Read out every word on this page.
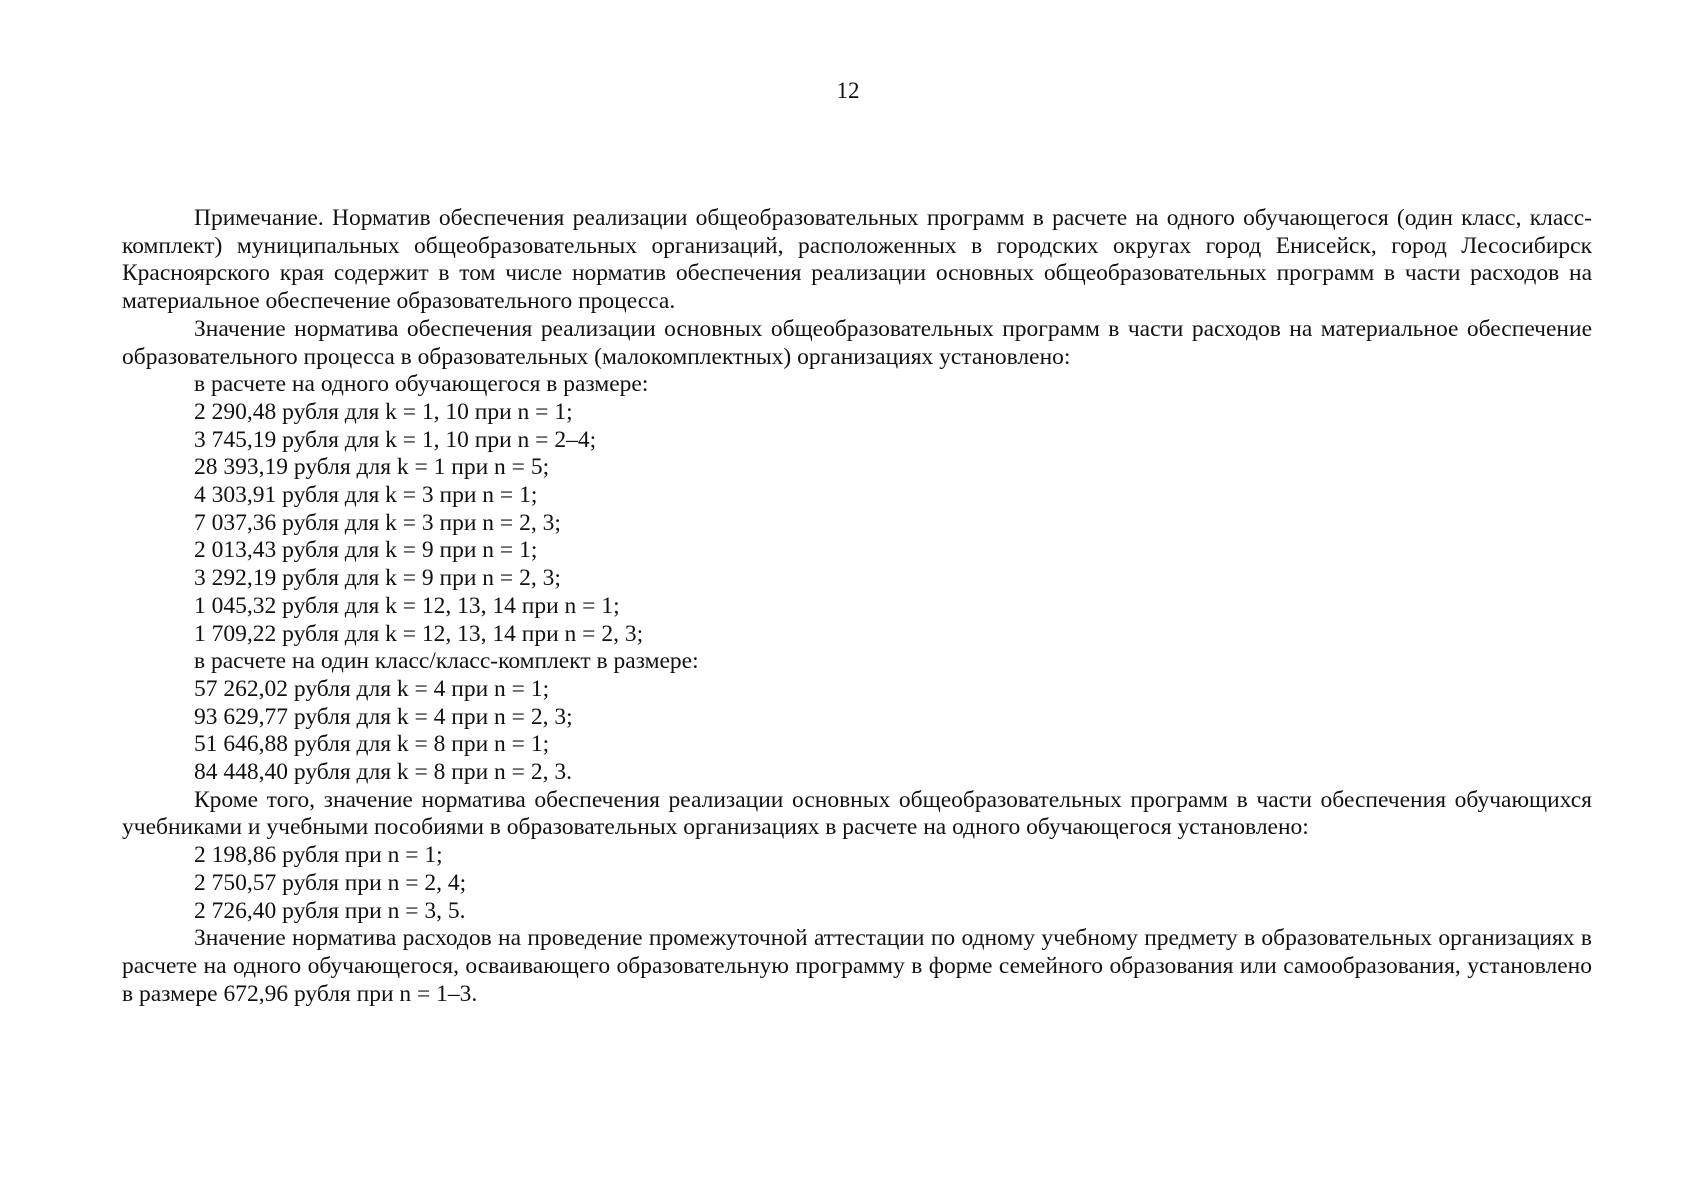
12

Примечание. Норматив обеспечения реализации общеобразовательных программ в расчете на одного обучающегося (один класс, класс-комплект) муниципальных общеобразовательных организаций, расположенных в городских округах город Енисейск, город Лесосибирск Красноярского края содержит в том числе норматив обеспечения реализации основных общеобразовательных программ в части расходов на материальное обеспечение образовательного процесса.

Значение норматива обеспечения реализации основных общеобразовательных программ в части расходов на материальное обеспечение образовательного процесса в образовательных (малокомплектных) организациях установлено:

в расчете на одного обучающегося в размере:

2 290,48 рубля для k = 1, 10 при n = 1;

3 745,19 рубля для k = 1, 10 при n = 2–4;

28 393,19 рубля для k = 1 при n = 5;

4 303,91 рубля для k = 3 при n = 1;

7 037,36 рубля для k = 3 при n = 2, 3;

2 013,43 рубля для k = 9 при n = 1;

3 292,19 рубля для k = 9 при n = 2, 3;

1 045,32 рубля для k = 12, 13, 14 при n = 1;

1 709,22 рубля для k = 12, 13, 14 при n = 2, 3;

в расчете на один класс/класс-комплект в размере:

57 262,02 рубля для k = 4 при n = 1;

93 629,77 рубля для k = 4 при n = 2, 3;

51 646,88 рубля для k = 8 при n = 1;

84 448,40 рубля для k = 8 при n = 2, 3.

Кроме того, значение норматива обеспечения реализации основных общеобразовательных программ в части обеспечения обучающихся учебниками и учебными пособиями в образовательных организациях в расчете на одного обучающегося установлено:

2 198,86 рубля при n = 1;

2 750,57 рубля при n = 2, 4;

2 726,40 рубля при n = 3, 5.

Значение норматива расходов на проведение промежуточной аттестации по одному учебному предмету в образовательных организациях в расчете на одного обучающегося, осваивающего образовательную программу в форме семейного образования или самообразования, установлено в размере 672,96 рубля при n = 1–3.
